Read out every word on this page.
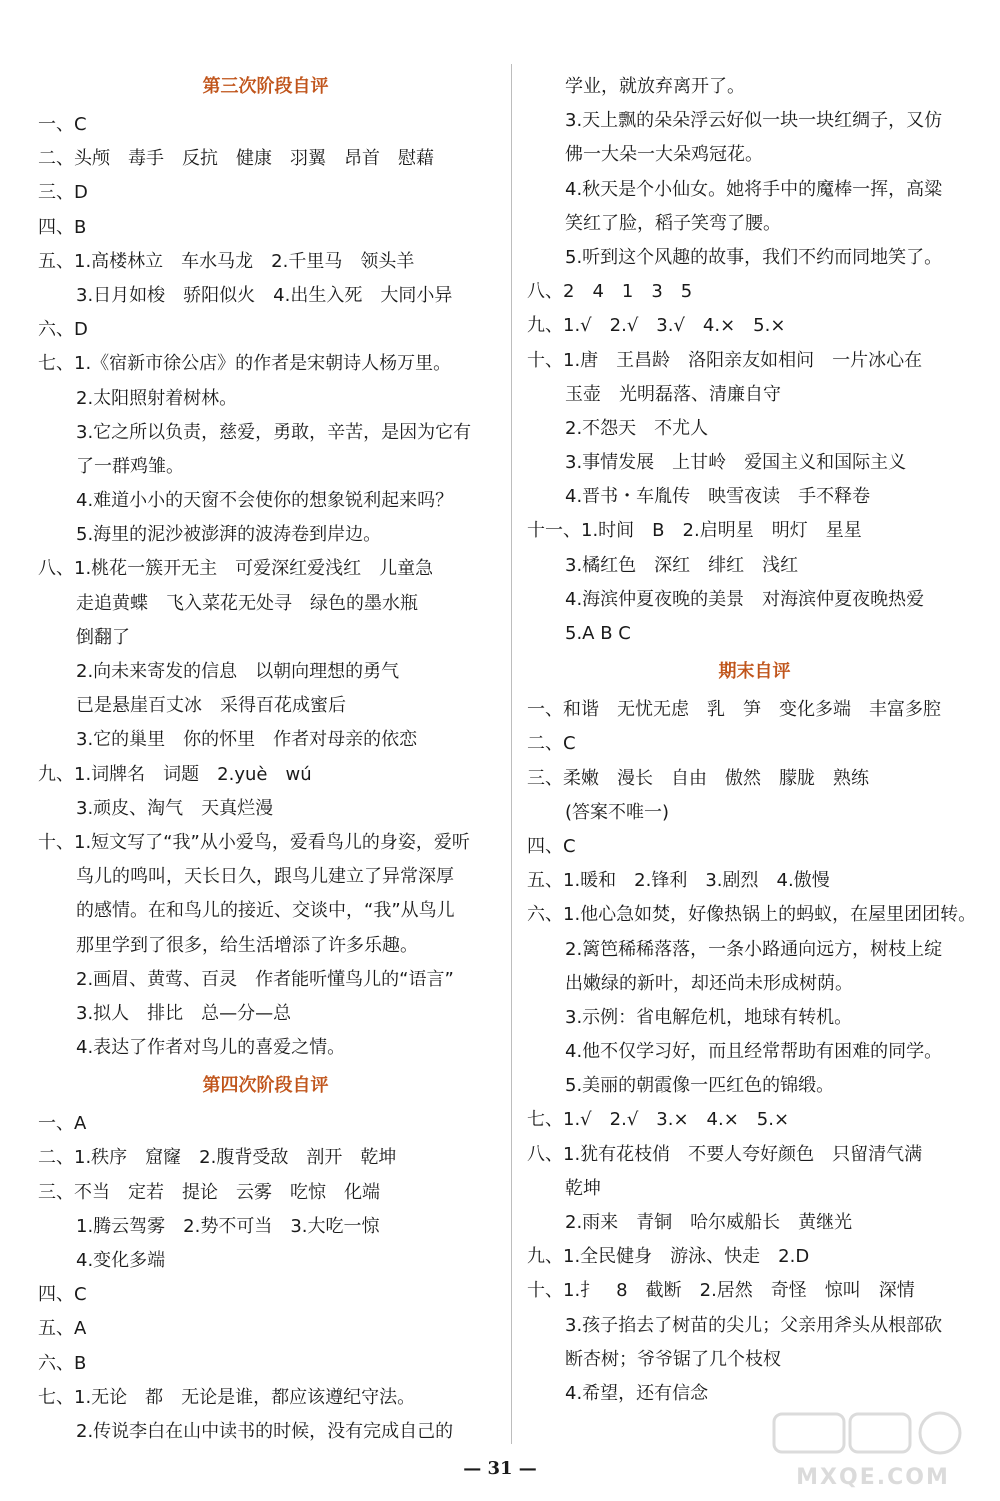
第三次阶段自评
一、C
二、头颅　毒手　反抗　健康　羽翼　昂首　慰藉
三、D
四、B
五、1.高楼林立　车水马龙　2.千里马　领头羊
3.日月如梭　骄阳似火　4.出生入死　大同小异
六、D
七、1.《宿新市徐公店》的作者是宋朝诗人杨万里。
2.太阳照射着树林。
3.它之所以负责，慈爱，勇敢，辛苦，是因为它有
了一群鸡雏。
4.难道小小的天窗不会使你的想象锐利起来吗？
5.海里的泥沙被澎湃的波涛卷到岸边。
八、1.桃花一簇开无主　可爱深红爱浅红　儿童急
走追黄蝶　飞入菜花无处寻　绿色的墨水瓶
倒翻了
2.向未来寄发的信息　以朝向理想的勇气
已是悬崖百丈冰　采得百花成蜜后
3.它的巢里　你的怀里　作者对母亲的依恋
九、1.词牌名　词题　2.yuè　wú
3.顽皮、淘气　天真烂漫
十、1.短文写了“我”从小爱鸟，爱看鸟儿的身姿，爱听
鸟儿的鸣叫，天长日久，跟鸟儿建立了异常深厚
的感情。在和鸟儿的接近、交谈中，“我”从鸟儿
那里学到了很多，给生活增添了许多乐趣。
2.画眉、黄莺、百灵　作者能听懂鸟儿的“语言”
3.拟人　排比　总—分—总
4.表达了作者对鸟儿的喜爱之情。
第四次阶段自评
一、A
二、1.秩序　窟窿　2.腹背受敌　剖开　乾坤
三、不当　定若　提论　云雾　吃惊　化端
1.腾云驾雾　2.势不可当　3.大吃一惊
4.变化多端
四、C
五、A
六、B
七、1.无论　都　无论是谁，都应该遵纪守法。
2.传说李白在山中读书的时候，没有完成自己的
学业，就放弃离开了。
3.天上飘的朵朵浮云好似一块一块红绸子，又仿
佛一大朵一大朵鸡冠花。
4.秋天是个小仙女。她将手中的魔棒一挥，高粱
笑红了脸，稻子笑弯了腰。
5.听到这个风趣的故事，我们不约而同地笑了。
八、2　4　1　3　5
九、1.√　2.√　3.√　4.×　5.×
十、1.唐　王昌龄　洛阳亲友如相问　一片冰心在
玉壶　光明磊落、清廉自守
2.不怨天　不尤人
3.事情发展　上甘岭　爱国主义和国际主义
4.晋书・车胤传　映雪夜读　手不释卷
十一、1.时间　B　2.启明星　明灯　星星
3.橘红色　深红　绯红　浅红
4.海滨仲夏夜晚的美景　对海滨仲夏夜晚热爱
5.A B C
期末自评
一、和谐　无忧无虑　乳　笋　变化多端　丰富多腔
二、C
三、柔嫩　漫长　自由　傲然　朦胧　熟练
(答案不唯一)
四、C
五、1.暖和　2.锋利　3.剧烈　4.傲慢
六、1.他心急如焚，好像热锅上的蚂蚁，在屋里团团转。
2.篱笆稀稀落落，一条小路通向远方，树枝上绽
出嫩绿的新叶，却还尚未形成树荫。
3.示例：省电解危机，地球有转机。
4.他不仅学习好，而且经常帮助有困难的同学。
5.美丽的朝霞像一匹红色的锦缎。
七、1.√　2.√　3.×　4.×　5.×
八、1.犹有花枝俏　不要人夸好颜色　只留清气满
乾坤
2.雨来　青铜　哈尔威船长　黄继光
九、1.全民健身　游泳、快走　2.D
十、1.扌　8　截断　2.居然　奇怪　惊叫　深情
3.孩子掐去了树苗的尖儿；父亲用斧头从根部砍
断杏树；爷爷锯了几个枝杈
4.希望，还有信念
— 31 —	MXQE.COM
